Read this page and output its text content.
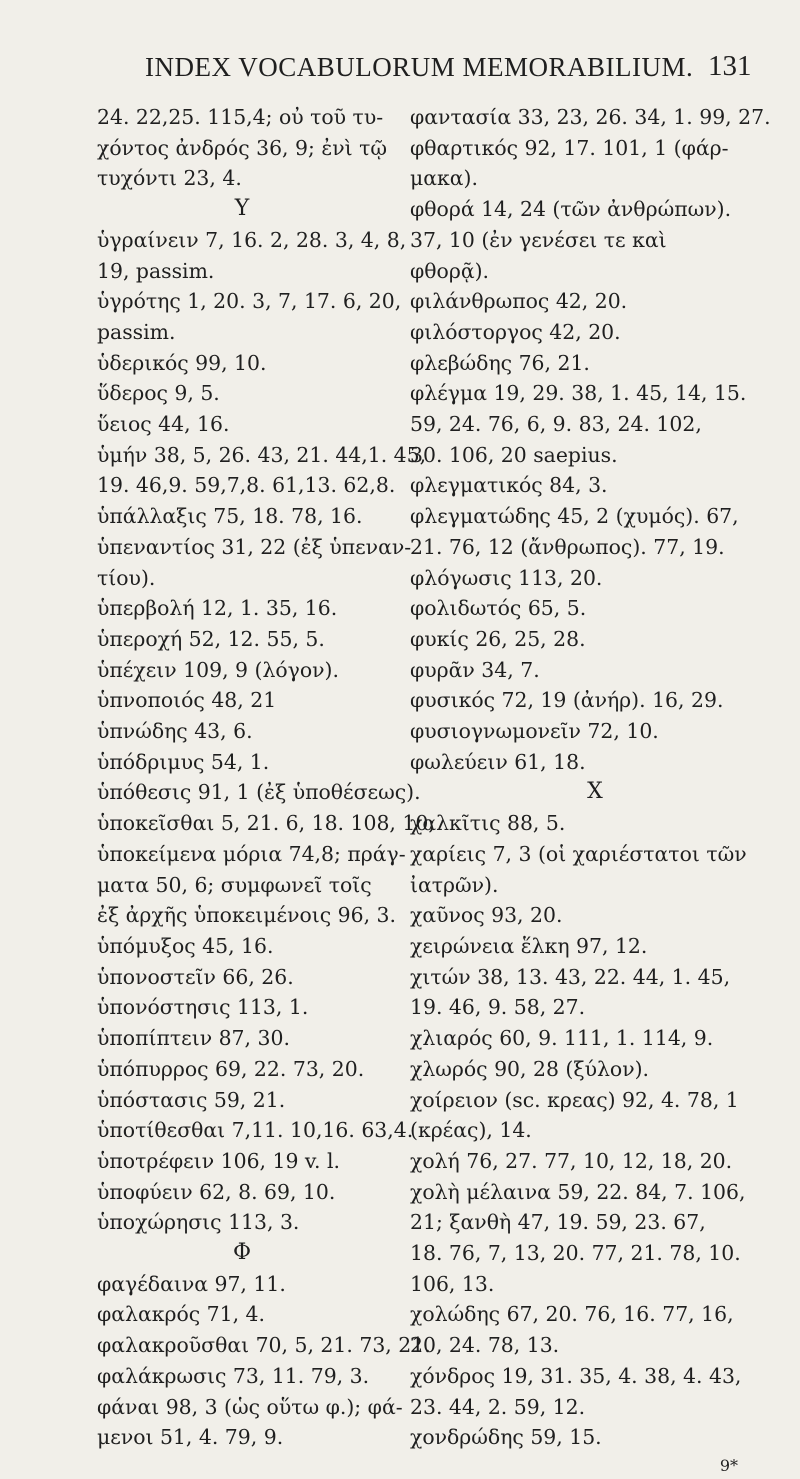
INDEX VOCABULORUM MEMORABILIUM. 131
24. 22,25. 115,4; οὐ τοῦ τυ-
χόντος ἀνδρός 36, 9; ἐνὶ τῷ
τυχόντι 23, 4.
Υ
ὑγραίνειν 7, 16. 2, 28. 3, 4, 8,
19, passim.
ὑγρότης 1, 20. 3, 7, 17. 6, 20,
passim.
ὑδερικός 99, 10.
ὕδερος 9, 5.
ὕειος 44, 16.
ὑμήν 38, 5, 26. 43, 21. 44,1. 45,
19. 46,9. 59,7,8. 61,13. 62,8.
ὑπάλλαξις 75, 18. 78, 16.
ὑπεναντίος 31, 22 (ἐξ ὑπεναν-
τίου).
ὑπερβολή 12, 1. 35, 16.
ὑπεροχή 52, 12. 55, 5.
ὑπέχειν 109, 9 (λόγον).
ὑπνοποιός 48, 21
ὑπνώδης 43, 6.
ὑπόδριμυς 54, 1.
ὑπόθεσις 91, 1 (ἐξ ὑποθέσεως).
ὑποκεῖσθαι 5, 21. 6, 18. 108, 10;
ὑποκείμενα μόρια 74,8; πράγ-
ματα 50, 6; συμφωνεῖ τοῖς
ἐξ ἀρχῆς ὑποκειμένοις 96, 3.
ὑπόμυξος 45, 16.
ὑπονοστεῖν 66, 26.
ὑπονόστησις 113, 1.
ὑποπίπτειν 87, 30.
ὑπόπυρρος 69, 22. 73, 20.
ὑπόστασις 59, 21.
ὑποτίθεσθαι 7,11. 10,16. 63,4.
ὑποτρέφειν 106, 19 v. l.
ὑποφύειν 62, 8. 69, 10.
ὑποχώρησις 113, 3.
Φ
φαγέδαινα 97, 11.
φαλακρός 71, 4.
φαλακροῦσθαι 70, 5, 21. 73, 21.
φαλάκρωσις 73, 11. 79, 3.
φάναι 98, 3 (ὡς οὕτω φ.); φά-
μενοι 51, 4. 79, 9.
φαντασία 33, 23, 26. 34, 1. 99, 27.
φθαρτικός 92, 17. 101, 1 (φάρ-
μακα).
φθορά 14, 24 (τῶν ἀνθρώπων).
37, 10 (ἐν γενέσει τε καὶ
φθορᾷ).
φιλάνθρωπος 42, 20.
φιλόστοργος 42, 20.
φλεβώδης 76, 21.
φλέγμα 19, 29. 38, 1. 45, 14, 15.
59, 24. 76, 6, 9. 83, 24. 102,
30. 106, 20 saepius.
φλεγματικός 84, 3.
φλεγματώδης 45, 2 (χυμός). 67,
21. 76, 12 (ἄνθρωπος). 77, 19.
φλόγωσις 113, 20.
φολιδωτός 65, 5.
φυκίς 26, 25, 28.
φυρᾶν 34, 7.
φυσικός 72, 19 (ἀνήρ). 16, 29.
φυσιογνωμονεῖν 72, 10.
φωλεύειν 61, 18.
Χ
χαλκῖτις 88, 5.
χαρίεις 7, 3 (οἱ χαριέστατοι τῶν
ἰατρῶν).
χαῦνος 93, 20.
χειρώνεια ἕλκη 97, 12.
χιτών 38, 13. 43, 22. 44, 1. 45,
19. 46, 9. 58, 27.
χλιαρός 60, 9. 111, 1. 114, 9.
χλωρός 90, 28 (ξύλον).
χοίρειον (sc. κρεας) 92, 4. 78, 1
(κρέας), 14.
χολή 76, 27. 77, 10, 12, 18, 20.
χολὴ μέλαινα 59, 22. 84, 7. 106,
21; ξανθὴ 47, 19. 59, 23. 67,
18. 76, 7, 13, 20. 77, 21. 78, 10.
106, 13.
χολώδης 67, 20. 76, 16. 77, 16,
20, 24. 78, 13.
χόνδρος 19, 31. 35, 4. 38, 4. 43,
23. 44, 2. 59, 12.
χονδρώδης 59, 15.
9*
